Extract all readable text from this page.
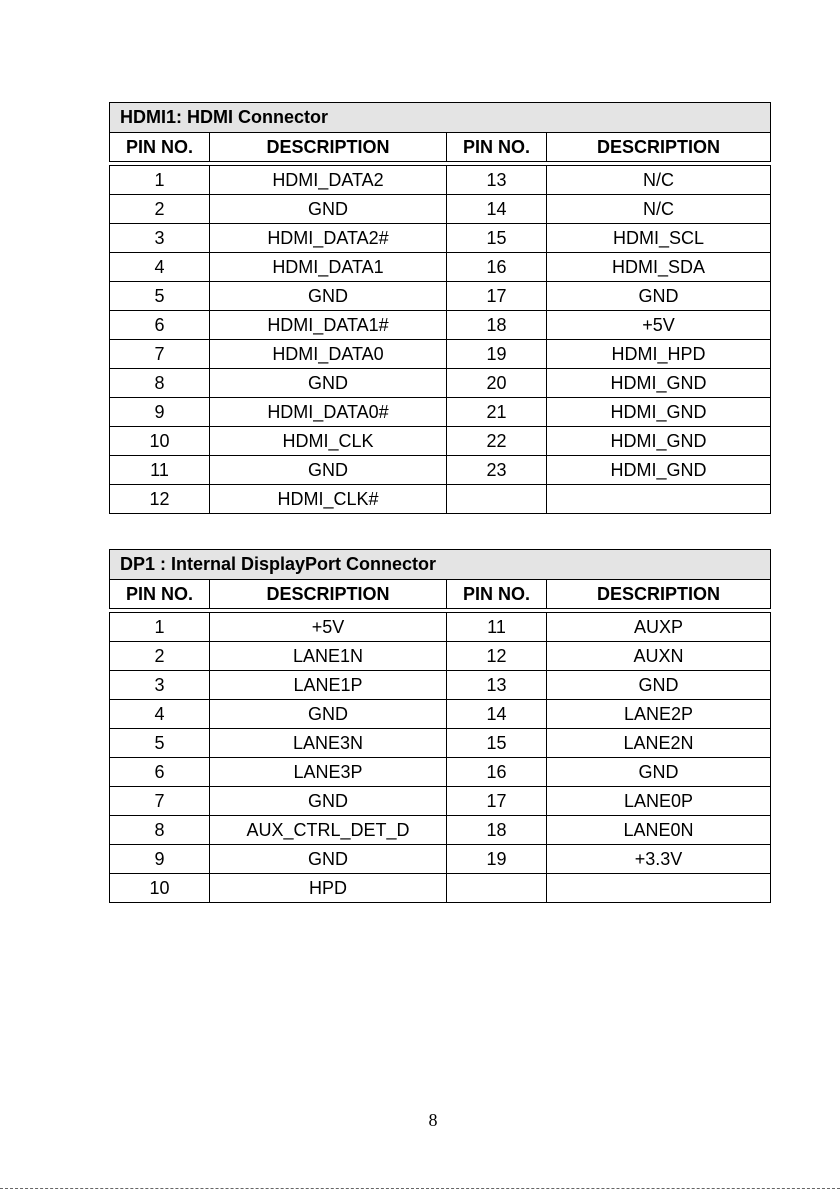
HDMI1: HDMI Connector			
PIN NO.	DESCRIPTION	PIN NO.	DESCRIPTION

1	HDMI_DATA2	13	N/C
2	GND	14	N/C
3	HDMI_DATA2#	15	HDMI_SCL
4	HDMI_DATA1	16	HDMI_SDA
5	GND	17	GND
6	HDMI_DATA1#	18	+5V
7	HDMI_DATA0	19	HDMI_HPD
8	GND	20	HDMI_GND
9	HDMI_DATA0#	21	HDMI_GND
10	HDMI_CLK	22	HDMI_GND
11	GND	23	HDMI_GND
12	HDMI_CLK#		
DP1 : Internal DisplayPort Connector			
PIN NO.	DESCRIPTION	PIN NO.	DESCRIPTION

1	+5V	11	AUXP
2	LANE1N	12	AUXN
3	LANE1P	13	GND
4	GND	14	LANE2P
5	LANE3N	15	LANE2N
6	LANE3P	16	GND
7	GND	17	LANE0P
8	AUX_CTRL_DET_D	18	LANE0N
9	GND	19	+3.3V
10	HPD		
8
